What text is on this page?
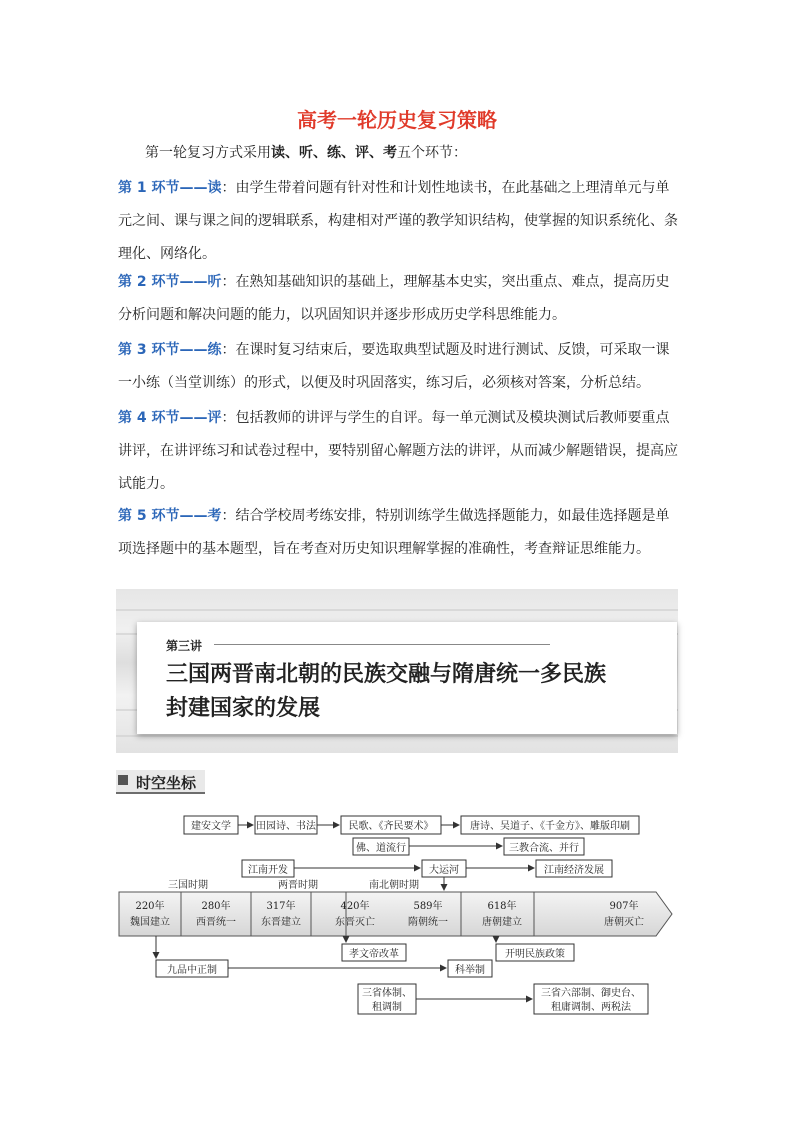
高考一轮历史复习策略
第一轮复习方式采用读、听、练、评、考五个环节：
第 1 环节——读：由学生带着问题有针对性和计划性地读书，在此基础之上理清单元与单元之间、课与课之间的逻辑联系，构建相对严谨的教学知识结构，使掌握的知识系统化、条理化、网络化。
第 2 环节——听：在熟知基础知识的基础上，理解基本史实，突出重点、难点，提高历史分析问题和解决问题的能力，以巩固知识并逐步形成历史学科思维能力。
第 3 环节——练：在课时复习结束后，要选取典型试题及时进行测试、反馈，可采取一课一小练（当堂训练）的形式，以便及时巩固落实，练习后，必须核对答案，分析总结。
第 4 环节——评：包括教师的讲评与学生的自评。每一单元测试及模块测试后教师要重点讲评，在讲评练习和试卷过程中，要特别留心解题方法的讲评，从而减少解题错误，提高应试能力。
第 5 环节——考：结合学校周考练安排，特别训练学生做选择题能力，如最佳选择题是单项选择题中的基本题型，旨在考查对历史知识理解掌握的准确性，考查辩证思维能力。
第三讲
三国两晋南北朝的民族交融与隋唐统一多民族
封建国家的发展
时空坐标
220年
魏国建立
280年
西晋统一
317年
东晋建立
420年
东晋灭亡
589年
隋朝统一
618年
唐朝建立
907年
唐朝灭亡
三国时期	两晋时期	南北朝时期
建安文学	田园诗、书法	民歌、《齐民要术》	唐诗、吴道子、《千金方》、雕版印刷
佛、道流行	三教合流、并行
江南开发	大运河	江南经济发展
孝文帝改革	开明民族政策
九品中正制	科举制
三省体制、
租调制
三省六部制、御史台、
租庸调制、两税法
